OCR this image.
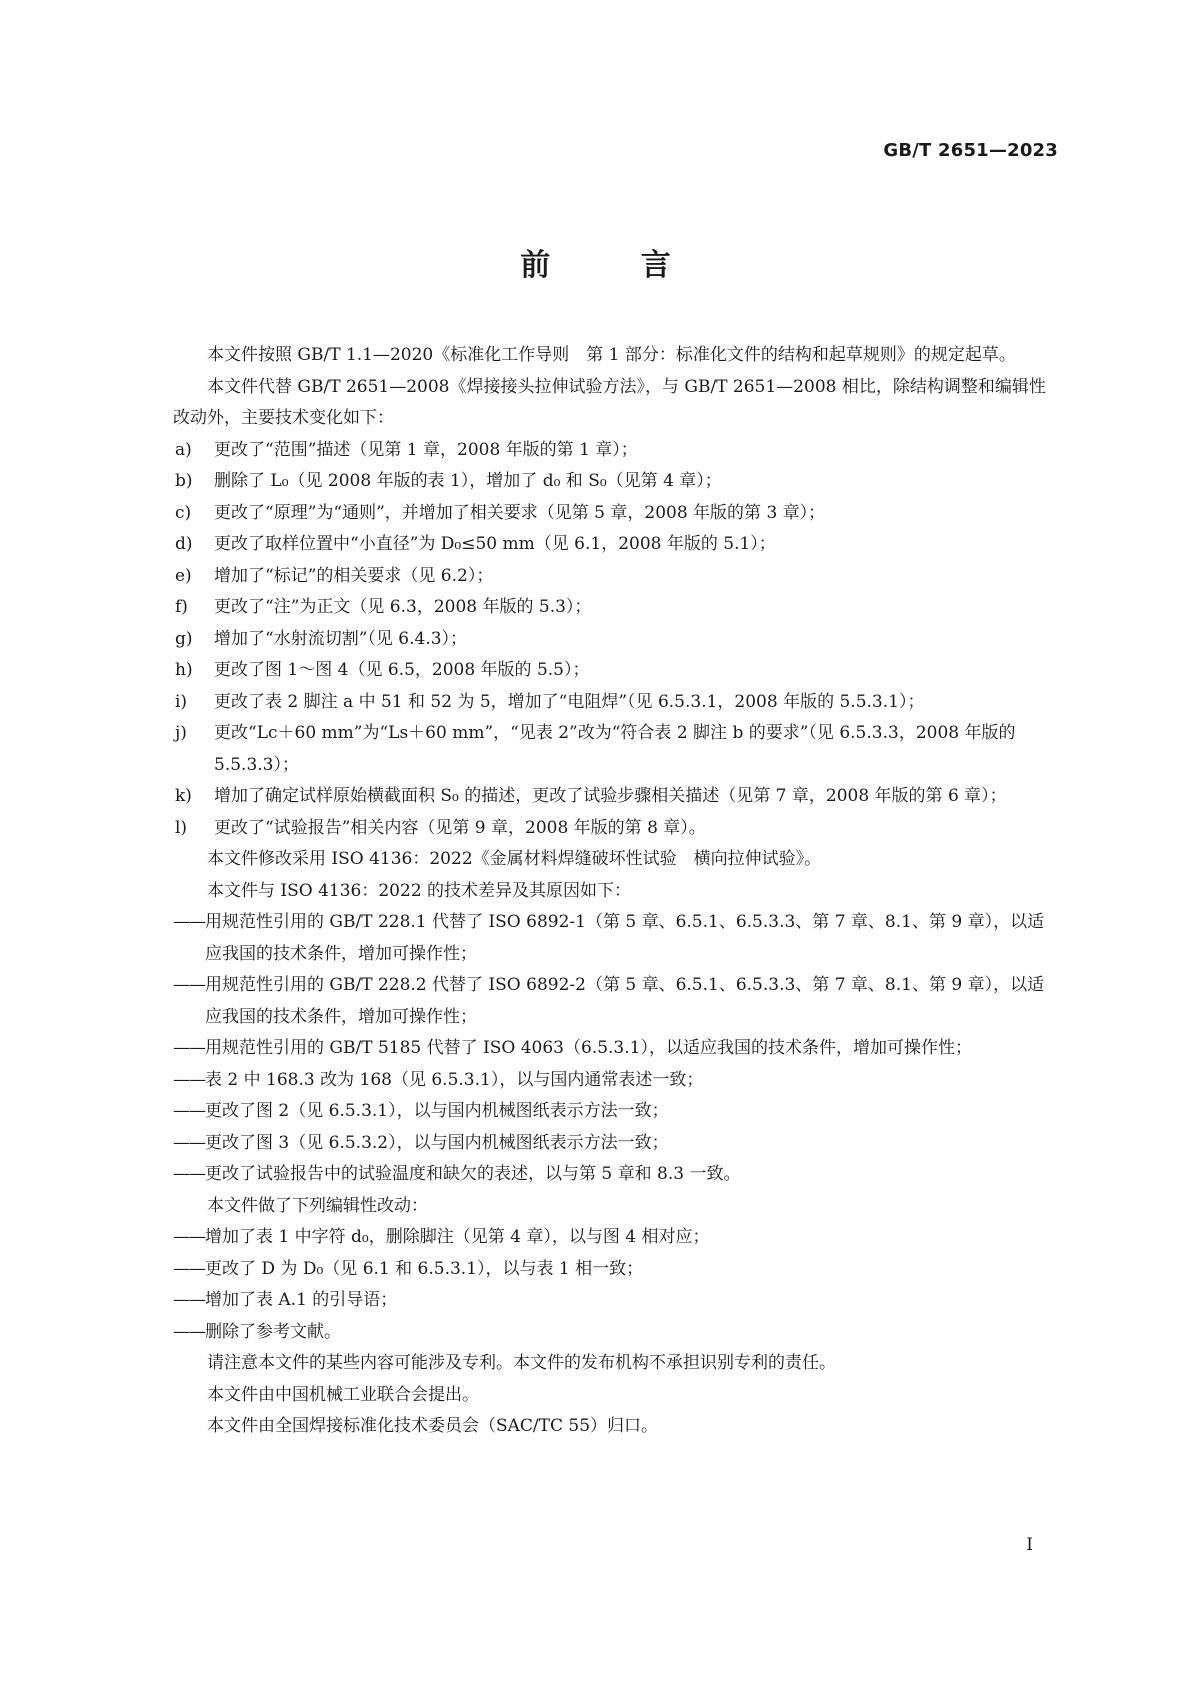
GB/T 2651—2023
前 言

本文件按照 GB/T 1.1—2020《标准化工作导则　第 1 部分：标准化文件的结构和起草规则》的规定起草。

本文件代替 GB/T 2651—2008《焊接接头拉伸试验方法》，与 GB/T 2651—2008 相比，除结构调整和编辑性改动外，主要技术变化如下：

a) 更改了“范围”描述（见第 1 章，2008 年版的第 1 章）；

b) 删除了 L₀（见 2008 年版的表 1），增加了 d₀ 和 S₀（见第 4 章）；

c) 更改了“原理”为“通则”，并增加了相关要求（见第 5 章，2008 年版的第 3 章）；

d) 更改了取样位置中“小直径”为 D₀≤50 mm（见 6.1，2008 年版的 5.1）；

e) 增加了“标记”的相关要求（见 6.2）；

f) 更改了“注”为正文（见 6.3，2008 年版的 5.3）；

g) 增加了“水射流切割”（见 6.4.3）；

h) 更改了图 1～图 4（见 6.5，2008 年版的 5.5）；

i) 更改了表 2 脚注 a 中 51 和 52 为 5，增加了“电阻焊”（见 6.5.3.1，2008 年版的 5.5.3.1）；

j) 更改“Lc＋60 mm”为“Ls＋60 mm”，“见表 2”改为“符合表 2 脚注 b 的要求”（见 6.5.3.3，2008 年版的 5.5.3.3）；

k) 增加了确定试样原始横截面积 S₀ 的描述，更改了试验步骤相关描述（见第 7 章，2008 年版的第 6 章）；

l) 更改了“试验报告”相关内容（见第 9 章，2008 年版的第 8 章）。

本文件修改采用 ISO 4136：2022《金属材料焊缝破坏性试验　横向拉伸试验》。

本文件与 ISO 4136：2022 的技术差异及其原因如下：

——用规范性引用的 GB/T 228.1 代替了 ISO 6892-1（第 5 章、6.5.1、6.5.3.3、第 7 章、8.1、第 9 章），以适应我国的技术条件，增加可操作性；

——用规范性引用的 GB/T 228.2 代替了 ISO 6892-2（第 5 章、6.5.1、6.5.3.3、第 7 章、8.1、第 9 章），以适应我国的技术条件，增加可操作性；

——用规范性引用的 GB/T 5185 代替了 ISO 4063（6.5.3.1），以适应我国的技术条件，增加可操作性；

——表 2 中 168.3 改为 168（见 6.5.3.1），以与国内通常表述一致；

——更改了图 2（见 6.5.3.1），以与国内机械图纸表示方法一致；

——更改了图 3（见 6.5.3.2），以与国内机械图纸表示方法一致；

——更改了试验报告中的试验温度和缺欠的表述，以与第 5 章和 8.3 一致。

本文件做了下列编辑性改动：

——增加了表 1 中字符 d₀，删除脚注（见第 4 章），以与图 4 相对应；

——更改了 D 为 D₀（见 6.1 和 6.5.3.1），以与表 1 相一致；

——增加了表 A.1 的引导语；

——删除了参考文献。

请注意本文件的某些内容可能涉及专利。本文件的发布机构不承担识别专利的责任。

本文件由中国机械工业联合会提出。

本文件由全国焊接标准化技术委员会（SAC/TC 55）归口。

I
